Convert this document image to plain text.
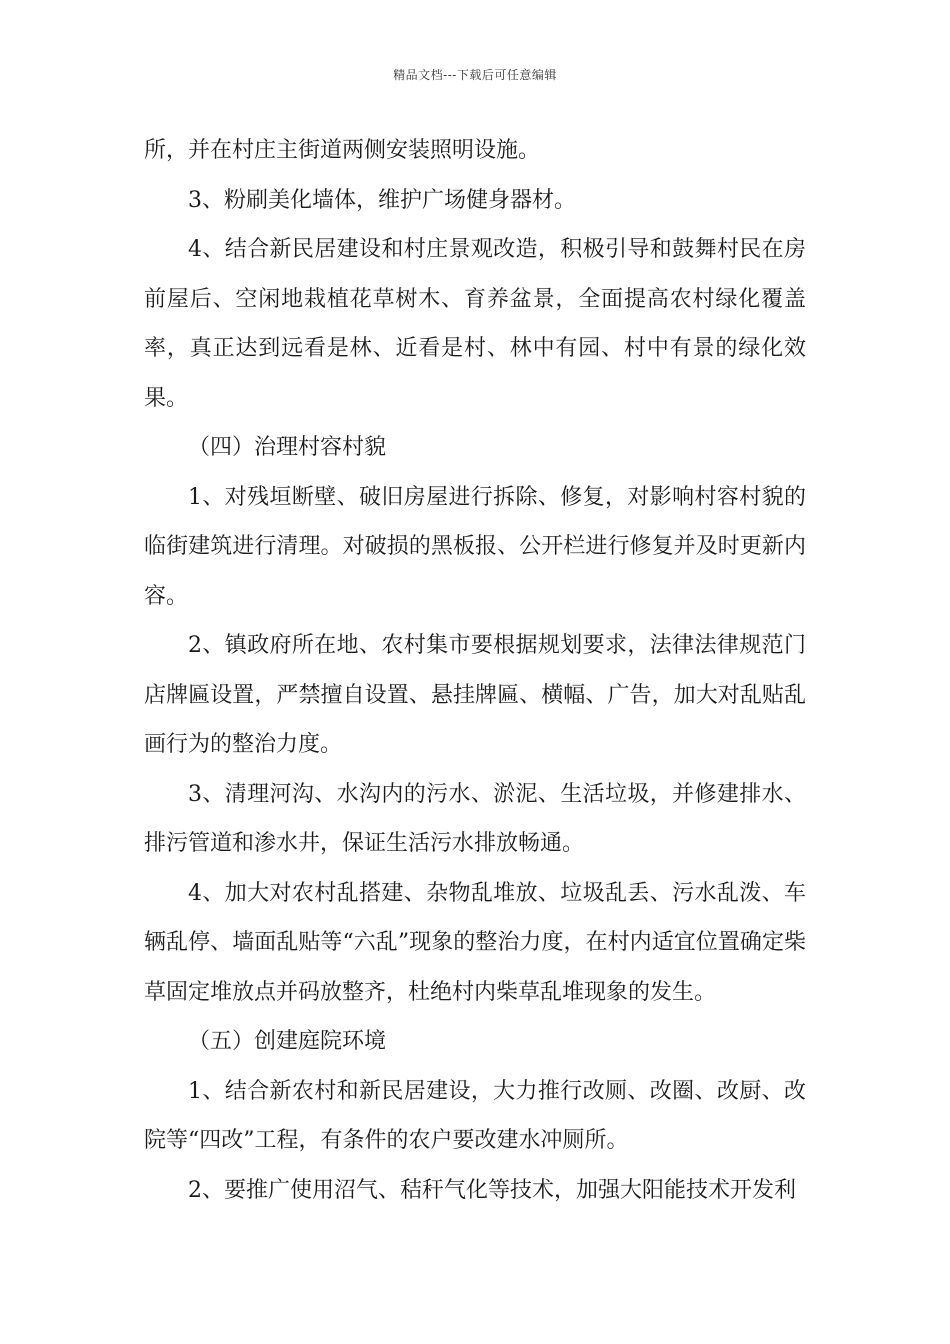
精品文档---下载后可任意编辑

所，并在村庄主街道两侧安装照明设施。

3、粉刷美化墙体，维护广场健身器材。

4、结合新民居建设和村庄景观改造，积极引导和鼓舞村民在房前屋后、空闲地栽植花草树木、育养盆景，全面提高农村绿化覆盖率，真正达到远看是林、近看是村、林中有园、村中有景的绿化效果。

（四）治理村容村貌

1、对残垣断壁、破旧房屋进行拆除、修复，对影响村容村貌的临街建筑进行清理。对破损的黑板报、公开栏进行修复并及时更新内容。

2、镇政府所在地、农村集市要根据规划要求，法律法律规范门店牌匾设置，严禁擅自设置、悬挂牌匾、横幅、广告，加大对乱贴乱画行为的整治力度。

3、清理河沟、水沟内的污水、淤泥、生活垃圾，并修建排水、排污管道和渗水井，保证生活污水排放畅通。

4、加大对农村乱搭建、杂物乱堆放、垃圾乱丢、污水乱泼、车辆乱停、墙面乱贴等“六乱”现象的整治力度，在村内适宜位置确定柴草固定堆放点并码放整齐，杜绝村内柴草乱堆现象的发生。

（五）创建庭院环境

1、结合新农村和新民居建设，大力推行改厕、改圈、改厨、改院等“四改”工程，有条件的农户要改建水冲厕所。

2、要推广使用沼气、秸秆气化等技术，加强大阳能技术开发利
